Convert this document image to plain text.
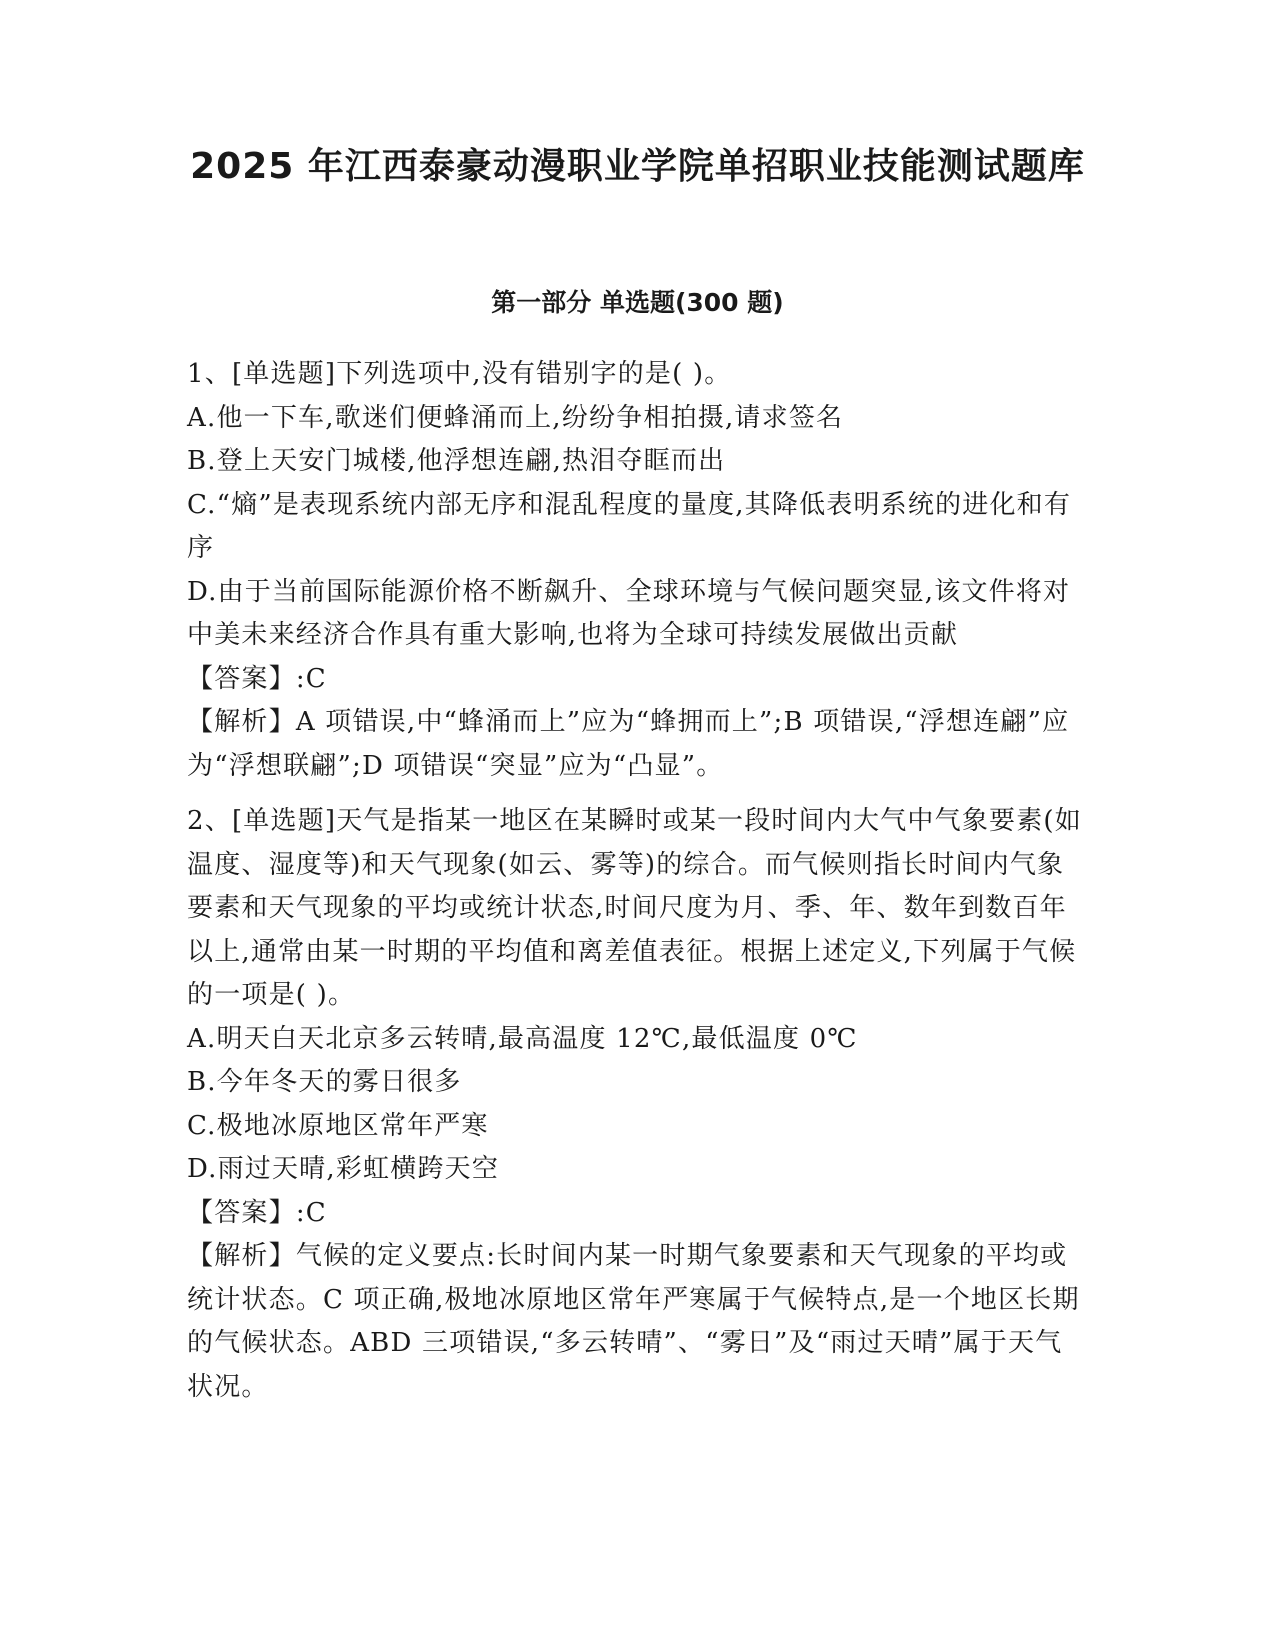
2025 年江西泰豪动漫职业学院单招职业技能测试题库
第一部分 单选题(300 题)

1、[单选题]下列选项中,没有错别字的是( )。

A.他一下车,歌迷们便蜂涌而上,纷纷争相拍摄,请求签名

B.登上天安门城楼,他浮想连翩,热泪夺眶而出

C.“熵”是表现系统内部无序和混乱程度的量度,其降低表明系统的进化和有序

D.由于当前国际能源价格不断飙升、全球环境与气候问题突显,该文件将对中美未来经济合作具有重大影响,也将为全球可持续发展做出贡献

【答案】:C

【解析】A 项错误,中“蜂涌而上”应为“蜂拥而上”;B 项错误,“浮想连翩”应为“浮想联翩”;D 项错误“突显”应为“凸显”。

2、[单选题]天气是指某一地区在某瞬时或某一段时间内大气中气象要素(如温度、湿度等)和天气现象(如云、雾等)的综合。而气候则指长时间内气象要素和天气现象的平均或统计状态,时间尺度为月、季、年、数年到数百年以上,通常由某一时期的平均值和离差值表征。根据上述定义,下列属于气候的一项是( )。

A.明天白天北京多云转晴,最高温度 12℃,最低温度 0℃

B.今年冬天的雾日很多

C.极地冰原地区常年严寒

D.雨过天晴,彩虹横跨天空

【答案】:C

【解析】气候的定义要点:长时间内某一时期气象要素和天气现象的平均或统计状态。C 项正确,极地冰原地区常年严寒属于气候特点,是一个地区长期的气候状态。ABD 三项错误,“多云转晴”、“雾日”及“雨过天晴”属于天气状况。
